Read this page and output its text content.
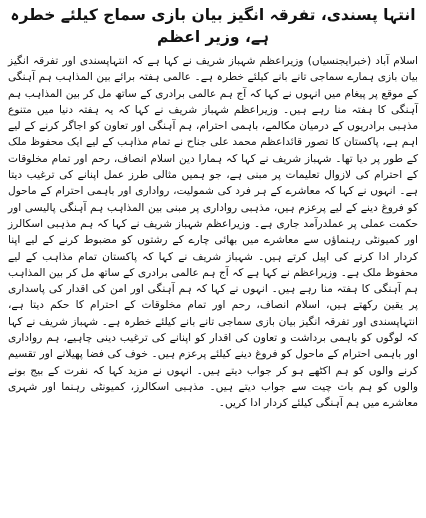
انتہا پسندی، تفرقہ انگیز بیان بازی سماج کیلئے خطرہ ہے، وزیر اعظم

اسلام آباد (خبرایجنسیاں) وزیراعظم شہباز شریف نے کہا ہے کہ انتہاپسندی اور تفرقہ انگیز بیان بازی ہمارے سماجی تانے بانے کیلئے خطرہ ہے۔ عالمی ہفتہ برائے بین المذاہب ہم آہنگی کے موقع پر پیغام میں انہوں نے کہا کہ آج ہم عالمی برادری کے ساتھ مل کر بین المذاہب ہم آہنگی کا ہفتہ منا رہے ہیں۔ وزیراعظم شہباز شریف نے کہا کہ یہ ہفتہ دنیا میں متنوع مذہبی برادریوں کے درمیان مکالمے، باہمی احترام، ہم آہنگی اور تعاون کو اجاگر کرنے کے لیے اہم ہے، پاکستان کا تصور قائداعظم محمد علی جناح نے تمام مذاہب کے لیے ایک محفوظ ملک کے طور پر دیا تھا۔ شہباز شریف نے کہا کہ ہمارا دین اسلام انصاف، رحم اور تمام مخلوقات کے احترام کی لازوال تعلیمات پر مبنی ہے، جو ہمیں مثالی طرز عمل اپنانے کی ترغیب دیتا ہے۔ انہوں نے کہا کہ معاشرے کے ہر فرد کی شمولیت، رواداری اور باہمی احترام کے ماحول کو فروغ دینے کے لیے پرعزم ہیں، مذہبی رواداری پر مبنی بین المذاہب ہم آہنگی پالیسی اور حکمت عملی پر عملدرآمد جاری ہے۔ وزیراعظم شہباز شریف نے کہا کہ ہم مذہبی اسکالرز اور کمیونٹی رہنماؤں سے معاشرے میں بھائی چارے کے رشتوں کو مضبوط کرنے کے لیے اپنا کردار ادا کرنے کی اپیل کرتے ہیں۔ شہباز شریف نے کہا کہ پاکستان تمام مذاہب کے لیے محفوظ ملک ہے۔ وزیراعظم نے کہا ہے کہ آج ہم عالمی برادری کے ساتھ مل کر بین المذاہب ہم آہنگی کا ہفتہ منا رہے ہیں۔ انہوں نے کہا کہ ہم آہنگی اور امن کی اقدار کی پاسداری پر یقین رکھتے ہیں، اسلام انصاف، رحم اور تمام مخلوقات کے احترام کا حکم دیتا ہے، انتہاپسندی اور تفرقہ انگیز بیان بازی سماجی تانے بانے کیلئے خطرہ ہے۔ شہباز شریف نے کہا کہ لوگوں کو باہمی برداشت و تعاون کی اقدار کو اپنانے کی ترغیب دینی چاہیے، ہم رواداری اور باہمی احترام کے ماحول کو فروغ دینے کیلئے پرعزم ہیں۔ خوف کی فضا پھیلانے اور تقسیم کرنے والوں کو ہم اکٹھے ہو کر جواب دیتے ہیں۔ انہوں نے مزید کہا کہ نفرت کے بیج بونے والوں کو ہم بات چیت سے جواب دیتے ہیں۔ مذہبی اسکالرز، کمیونٹی رہنما اور شہری معاشرے میں ہم آہنگی کیلئے کردار ادا کریں۔
